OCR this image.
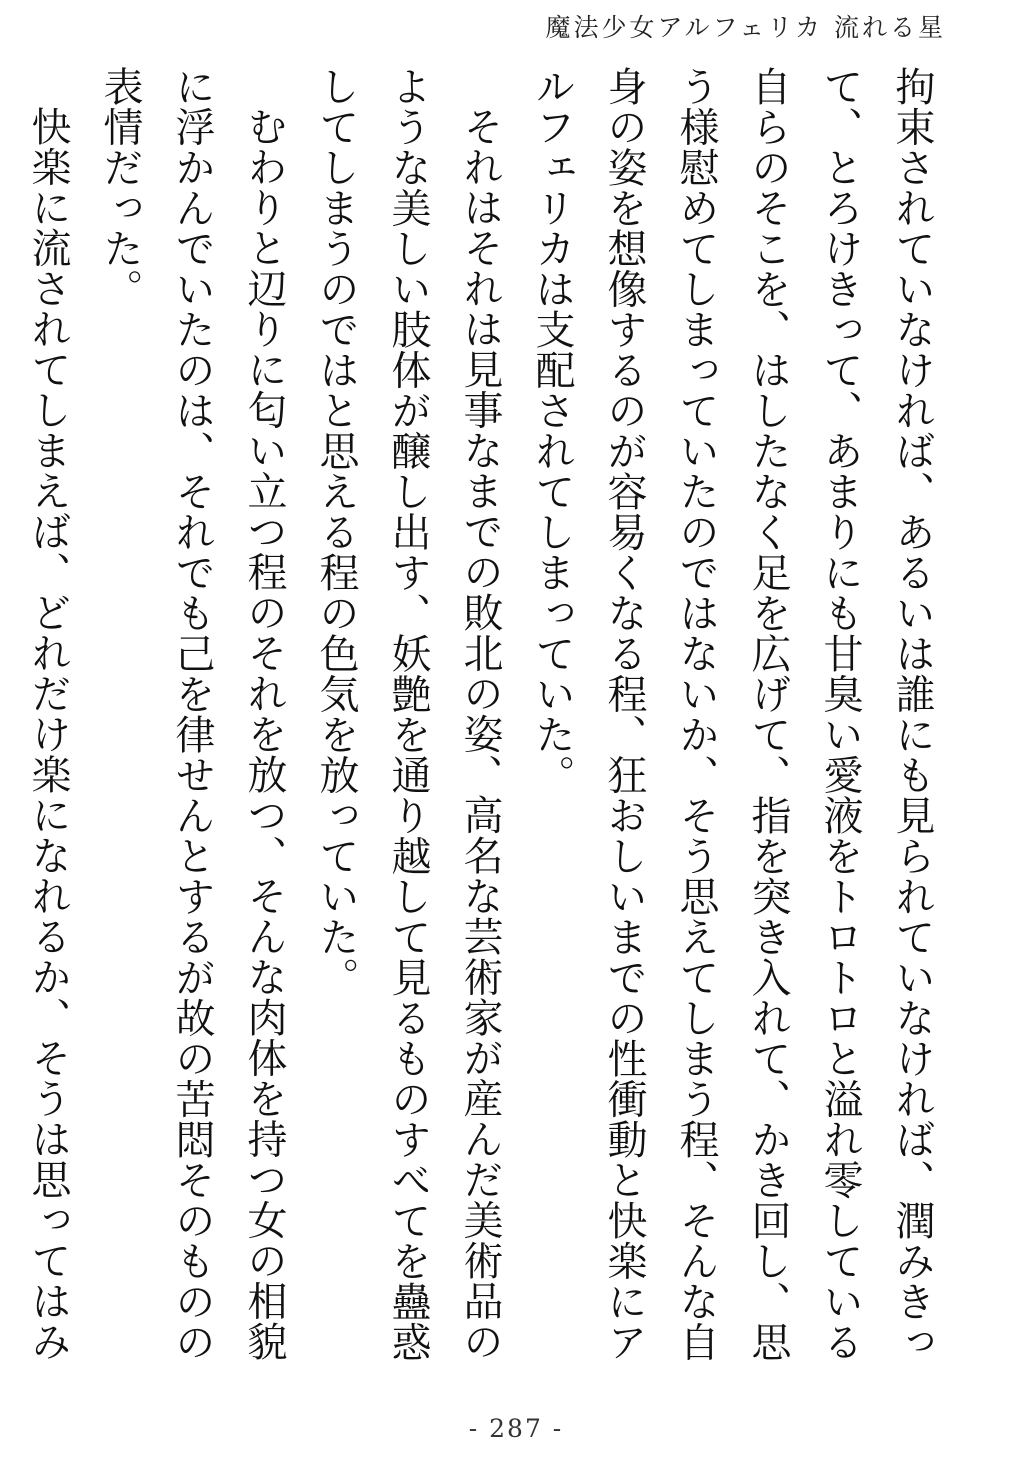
魔法少女アルフェリカ 流れる星

拘束されていなければ、あるいは誰にも見られていなければ、潤みきって、とろけきって、あまりにも甘臭い愛液をトロトロと溢れ零している自らのそこを、はしたなく足を広げて、指を突き入れて、かき回し、思う様慰めてしまっていたのではないか、そう思えてしまう程、そんな自身の姿を想像するのが容易くなる程、狂おしいまでの性衝動と快楽にアルフェリカは支配されてしまっていた。

それはそれは見事なまでの敗北の姿、高名な芸術家が産んだ美術品のような美しい肢体が醸し出す、妖艶を通り越して見るものすべてを蠱惑してしまうのではと思える程の色気を放っていた。

むわりと辺りに匂い立つ程のそれを放つ、そんな肉体を持つ女の相貌に浮かんでいたのは、それでも己を律せんとするが故の苦悶そのものの表情だった。

快楽に流されてしまえば、どれだけ楽になれるか、そうは思ってはみ

- 287 -
